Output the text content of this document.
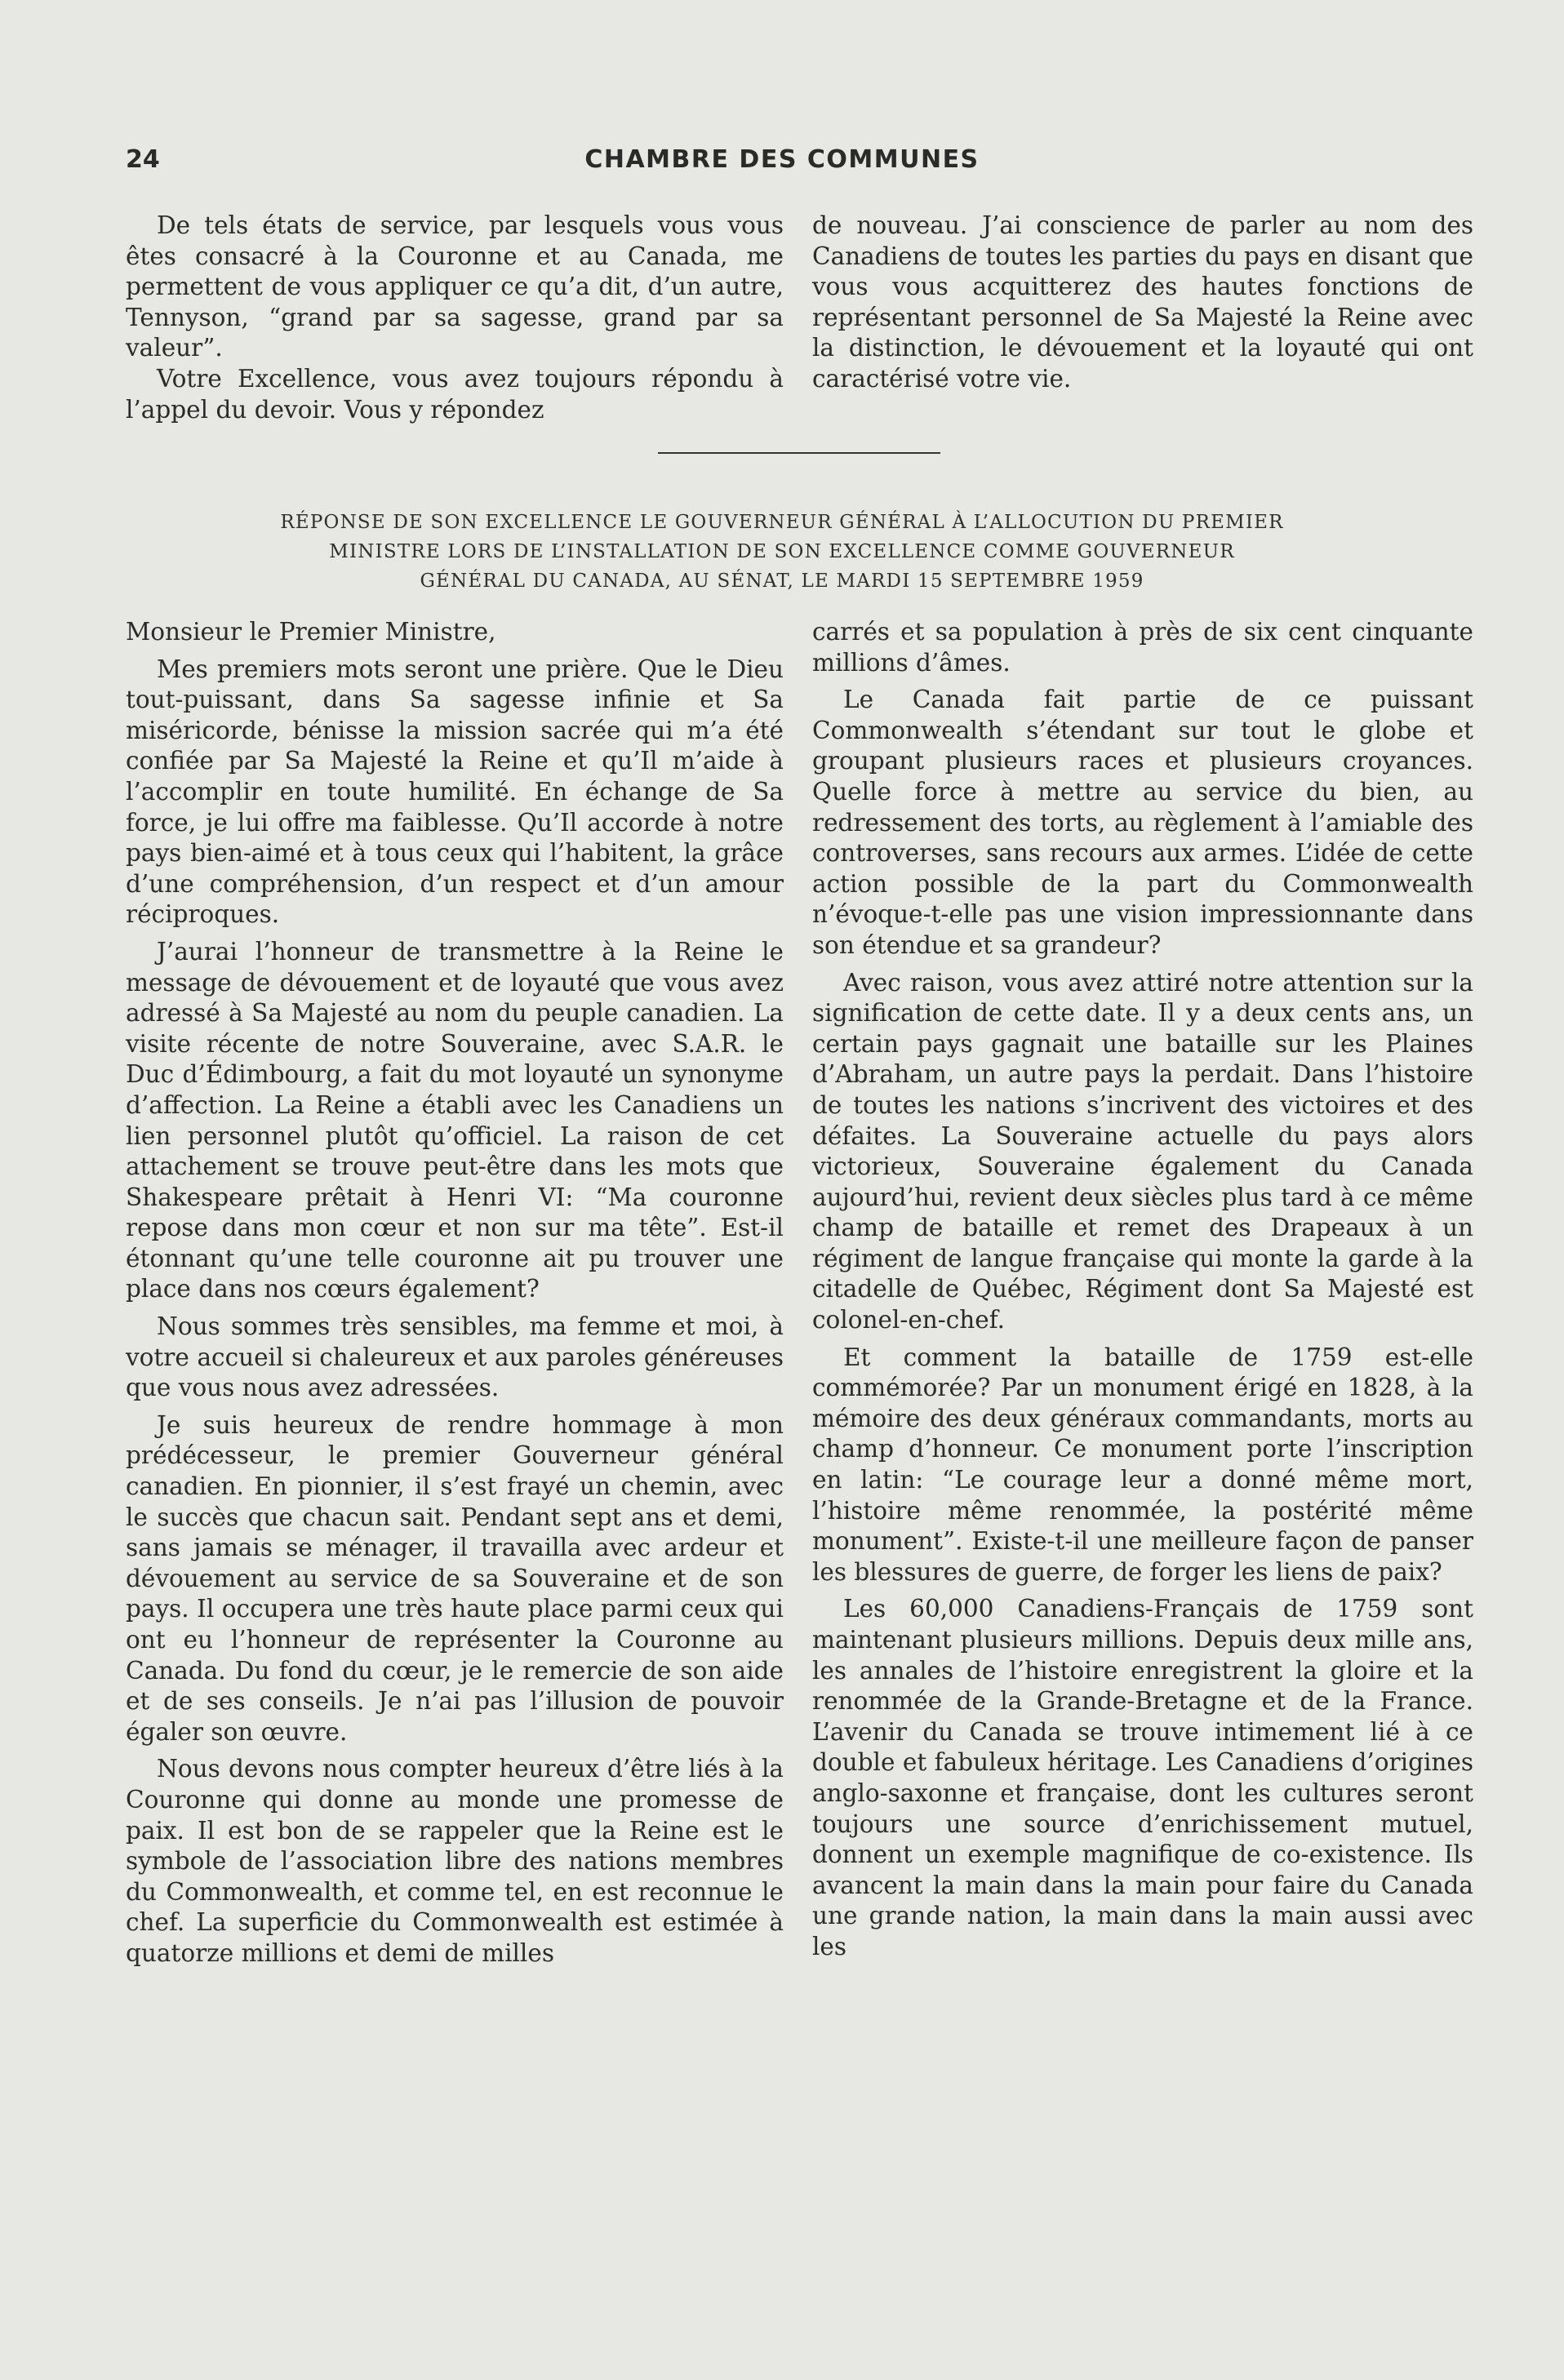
24	CHAMBRE DES COMMUNES

De tels états de service, par lesquels vous vous êtes consacré à la Couronne et au Canada, me permettent de vous appliquer ce qu’a dit, d’un autre, Tennyson, “grand par sa sagesse, grand par sa valeur”.

Votre Excellence, vous avez toujours répondu à l’appel du devoir. Vous y répondez

de nouveau. J’ai conscience de parler au nom des Canadiens de toutes les parties du pays en disant que vous vous acquitterez des hautes fonctions de représentant personnel de Sa Majesté la Reine avec la distinction, le dévouement et la loyauté qui ont caractérisé votre vie.

RÉPONSE DE SON EXCELLENCE LE GOUVERNEUR GÉNÉRAL À L’ALLOCUTION DU PREMIER
MINISTRE LORS DE L’INSTALLATION DE SON EXCELLENCE COMME GOUVERNEUR
GÉNÉRAL DU CANADA, AU SÉNAT, LE MARDI 15 SEPTEMBRE 1959

Monsieur le Premier Ministre,

Mes premiers mots seront une prière. Que le Dieu tout-puissant, dans Sa sagesse infinie et Sa miséricorde, bénisse la mission sacrée qui m’a été confiée par Sa Majesté la Reine et qu’Il m’aide à l’accomplir en toute humilité. En échange de Sa force, je lui offre ma faiblesse. Qu’Il accorde à notre pays bien-aimé et à tous ceux qui l’habitent, la grâce d’une compréhension, d’un respect et d’un amour réciproques.

J’aurai l’honneur de transmettre à la Reine le message de dévouement et de loyauté que vous avez adressé à Sa Majesté au nom du peuple canadien. La visite récente de notre Souveraine, avec S.A.R. le Duc d’Édimbourg, a fait du mot loyauté un synonyme d’affection. La Reine a établi avec les Canadiens un lien personnel plutôt qu’officiel. La raison de cet attachement se trouve peut-être dans les mots que Shakespeare prêtait à Henri VI: “Ma couronne repose dans mon cœur et non sur ma tête”. Est-il étonnant qu’une telle couronne ait pu trouver une place dans nos cœurs également?

Nous sommes très sensibles, ma femme et moi, à votre accueil si chaleureux et aux paroles généreuses que vous nous avez adressées.

Je suis heureux de rendre hommage à mon prédécesseur, le premier Gouverneur général canadien. En pionnier, il s’est frayé un chemin, avec le succès que chacun sait. Pendant sept ans et demi, sans jamais se ménager, il travailla avec ardeur et dévouement au service de sa Souveraine et de son pays. Il occupera une très haute place parmi ceux qui ont eu l’honneur de représenter la Couronne au Canada. Du fond du cœur, je le remercie de son aide et de ses conseils. Je n’ai pas l’illusion de pouvoir égaler son œuvre.

Nous devons nous compter heureux d’être liés à la Couronne qui donne au monde une promesse de paix. Il est bon de se rappeler que la Reine est le symbole de l’association libre des nations membres du Commonwealth, et comme tel, en est reconnue le chef. La superficie du Commonwealth est estimée à quatorze millions et demi de milles

carrés et sa population à près de six cent cinquante millions d’âmes.

Le Canada fait partie de ce puissant Commonwealth s’étendant sur tout le globe et groupant plusieurs races et plusieurs croyances. Quelle force à mettre au service du bien, au redressement des torts, au règlement à l’amiable des controverses, sans recours aux armes. L’idée de cette action possible de la part du Commonwealth n’évoque-t-elle pas une vision impressionnante dans son étendue et sa grandeur?

Avec raison, vous avez attiré notre attention sur la signification de cette date. Il y a deux cents ans, un certain pays gagnait une bataille sur les Plaines d’Abraham, un autre pays la perdait. Dans l’histoire de toutes les nations s’incrivent des victoires et des défaites. La Souveraine actuelle du pays alors victorieux, Souveraine également du Canada aujourd’hui, revient deux siècles plus tard à ce même champ de bataille et remet des Drapeaux à un régiment de langue française qui monte la garde à la citadelle de Québec, Régiment dont Sa Majesté est colonel-en-chef.

Et comment la bataille de 1759 est-elle commémorée? Par un monument érigé en 1828, à la mémoire des deux généraux commandants, morts au champ d’honneur. Ce monument porte l’inscription en latin: “Le courage leur a donné même mort, l’histoire même renommée, la postérité même monument”. Existe-t-il une meilleure façon de panser les blessures de guerre, de forger les liens de paix?

Les 60,000 Canadiens-Français de 1759 sont maintenant plusieurs millions. Depuis deux mille ans, les annales de l’histoire enregistrent la gloire et la renommée de la Grande-Bretagne et de la France. L’avenir du Canada se trouve intimement lié à ce double et fabuleux héritage. Les Canadiens d’origines anglo-saxonne et française, dont les cultures seront toujours une source d’enrichissement mutuel, donnent un exemple magnifique de co-existence. Ils avancent la main dans la main pour faire du Canada une grande nation, la main dans la main aussi avec les
